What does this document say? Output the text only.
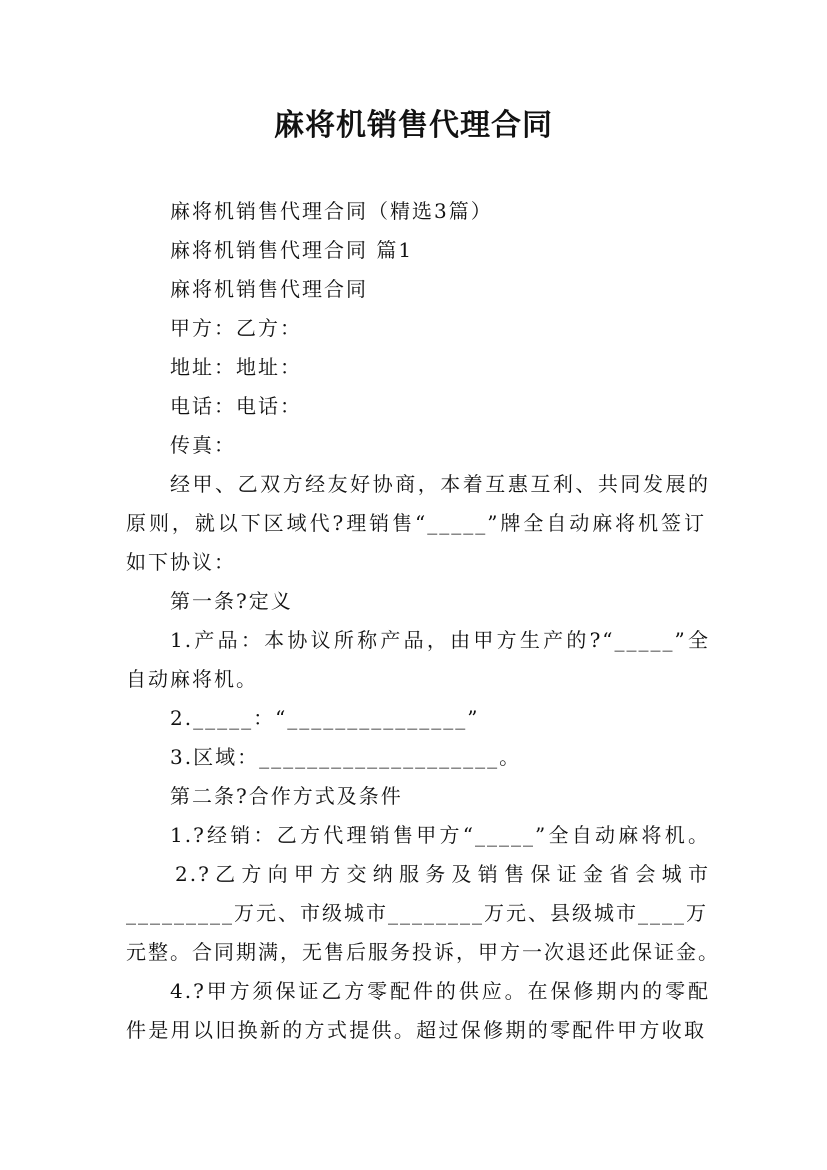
麻将机销售代理合同
麻将机销售代理合同（精选3篇）
麻将机销售代理合同 篇1
麻将机销售代理合同
甲方：乙方：
地址：地址：
电话：电话：
传真：
经甲、乙双方经友好协商，本着互惠互利、共同发展的
原则，就以下区域代?理销售“_____”牌全自动麻将机签订
如下协议：
第一条?定义
1.产品：本协议所称产品，由甲方生产的?“_____”全
自动麻将机。
2._____：“_______________”
3.区域：____________________。
第二条?合作方式及条件
1.?经销：乙方代理销售甲方“_____”全自动麻将机。
2.?乙方向甲方交纳服务及销售保证金省会城市
_________万元、市级城市________万元、县级城市____万
元整。合同期满，无售后服务投诉，甲方一次退还此保证金。
4.?甲方须保证乙方零配件的供应。在保修期内的零配
件是用以旧换新的方式提供。超过保修期的零配件甲方收取
